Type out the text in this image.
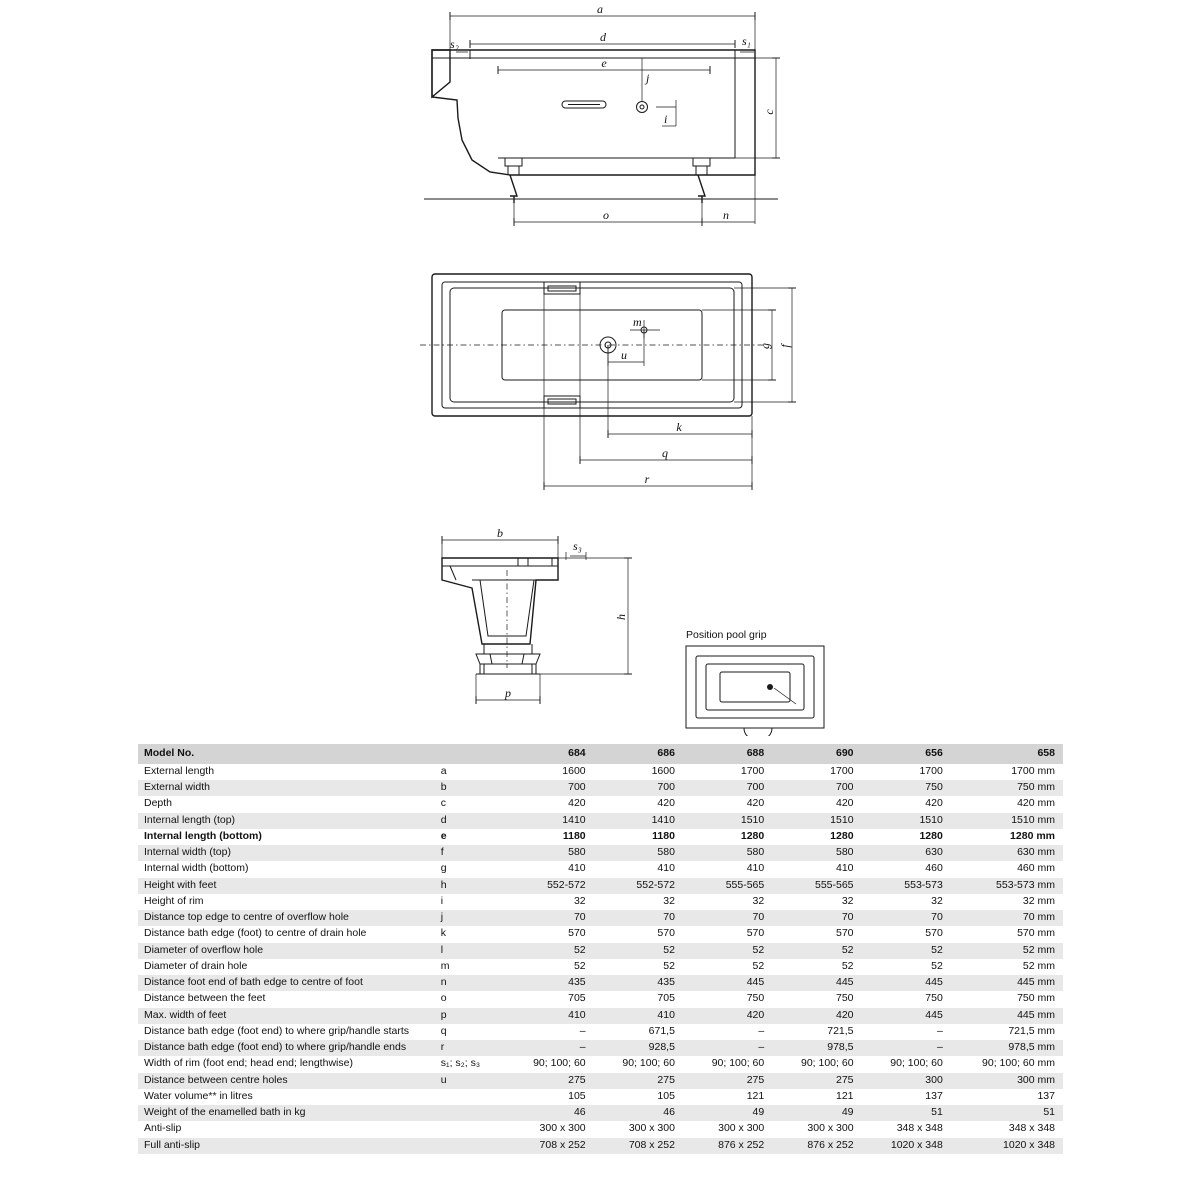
a
d
s₂	s₁
e
j
i	c
o	n
m
u
g f
k
q
r
b
s₃
h
p
Position pool grip
Model No.		684	686	688	690	656	658
External length	a	1600	1600	1700	1700	1700	1700 mm
External width	b	700	700	700	700	750	750 mm
Depth	c	420	420	420	420	420	420 mm
Internal length (top)	d	1410	1410	1510	1510	1510	1510 mm
Internal length (bottom)	e	1180	1180	1280	1280	1280	1280 mm
Internal width (top)	f	580	580	580	580	630	630 mm
Internal width (bottom)	g	410	410	410	410	460	460 mm
Height with feet	h	552-572	552-572	555-565	555-565	553-573	553-573 mm
Height of rim	i	32	32	32	32	32	32 mm
Distance top edge to centre of overflow hole	j	70	70	70	70	70	70 mm
Distance bath edge (foot) to centre of drain hole	k	570	570	570	570	570	570 mm
Diameter of overflow hole	l	52	52	52	52	52	52 mm
Diameter of drain hole	m	52	52	52	52	52	52 mm
Distance foot end of bath edge to centre of foot	n	435	435	445	445	445	445 mm
Distance between the feet	o	705	705	750	750	750	750 mm
Max. width of feet	p	410	410	420	420	445	445 mm
Distance bath edge (foot end) to where grip/handle starts	q	–	671,5	–	721,5	–	721,5 mm
Distance bath edge (foot end) to where grip/handle ends	r	–	928,5	–	978,5	–	978,5 mm
Width of rim (foot end; head end; lengthwise)	s₁; s₂; s₃	90; 100; 60	90; 100; 60	90; 100; 60	90; 100; 60	90; 100; 60	90; 100; 60 mm
Distance between centre holes	u	275	275	275	275	300	300 mm
Water volume** in litres		105	105	121	121	137	137
Weight of the enamelled bath in kg		46	46	49	49	51	51
Anti-slip		300 x 300	300 x 300	300 x 300	300 x 300	348 x 348	348 x 348
Full anti-slip		708 x 252	708 x 252	876 x 252	876 x 252	1020 x 348	1020 x 348
